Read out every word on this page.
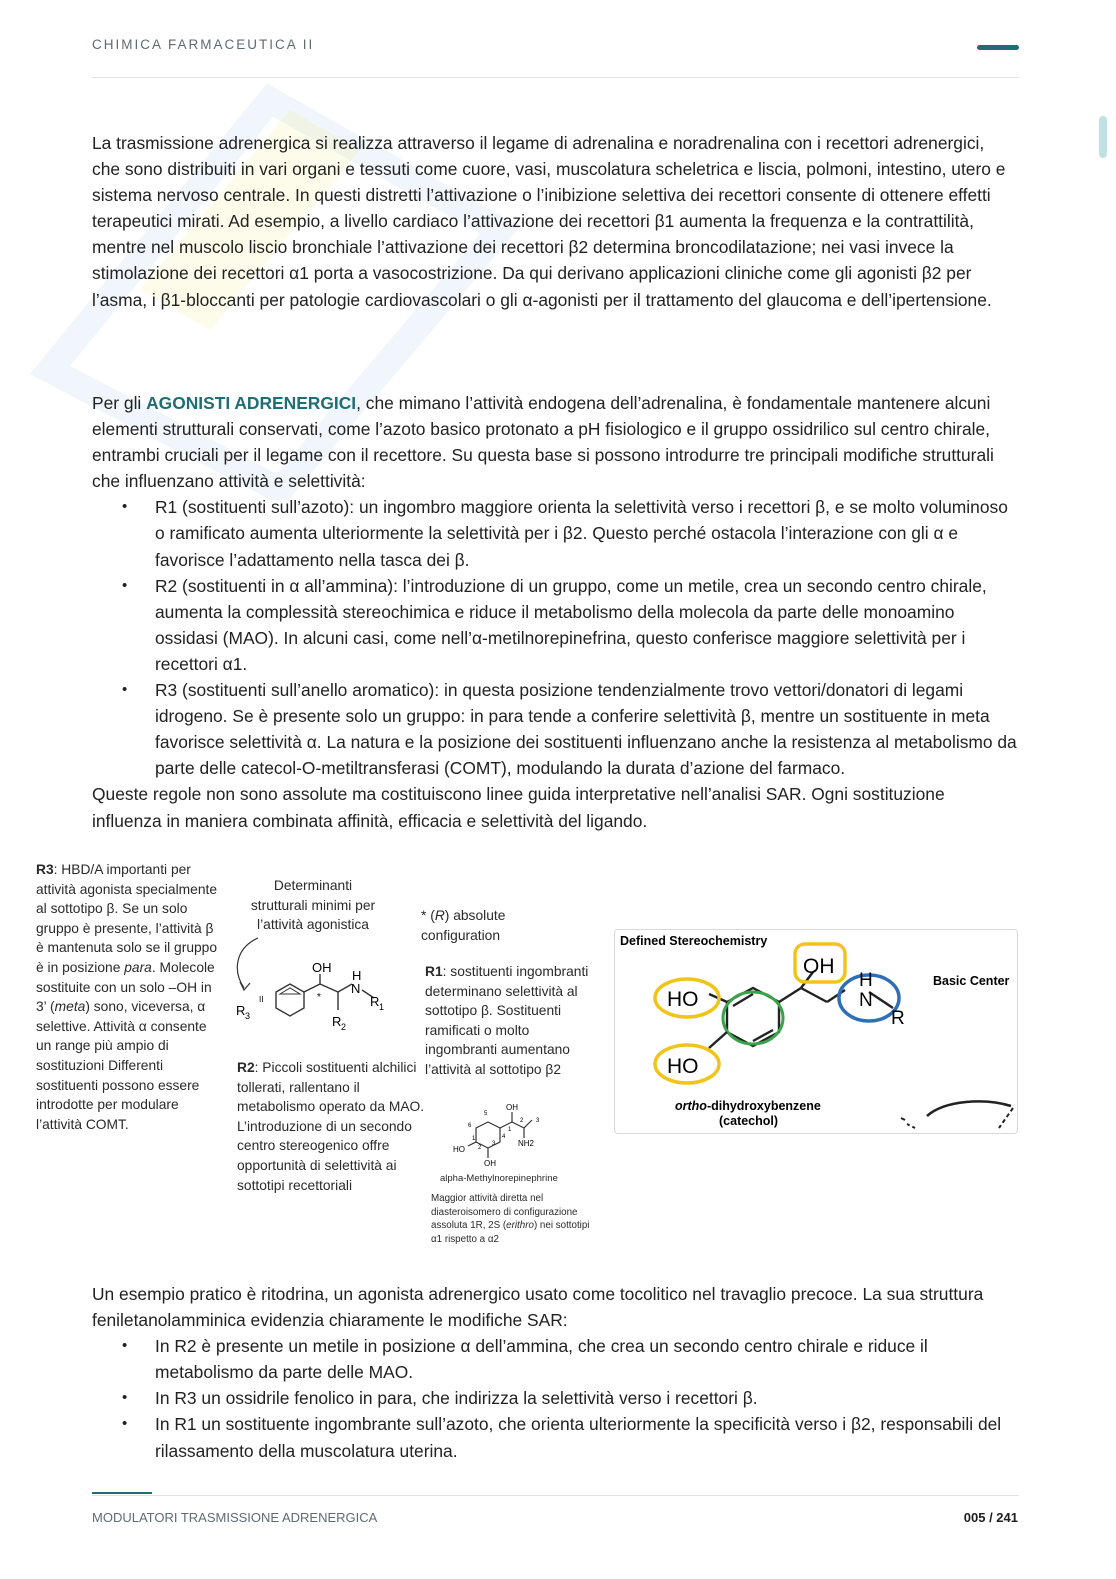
CHIMICA FARMACEUTICA II

La trasmissione adrenergica si realizza attraverso il legame di adrenalina e noradrenalina con i recettori adrenergici, che sono distribuiti in vari organi e tessuti come cuore, vasi, muscolatura scheletrica e liscia, polmoni, intestino, utero e sistema nervoso centrale. In questi distretti l’attivazione o l’inibizione selettiva dei recettori consente di ottenere effetti terapeutici mirati. Ad esempio, a livello cardiaco l’attivazione dei recettori β1 aumenta la frequenza e la contrattilità, mentre nel muscolo liscio bronchiale l’attivazione dei recettori β2 determina broncodilatazione; nei vasi invece la stimolazione dei recettori α1 porta a vasocostrizione. Da qui derivano applicazioni cliniche come gli agonisti β2 per l’asma, i β1-bloccanti per patologie cardiovascolari o gli α-agonisti per il trattamento del glaucoma e dell’ipertensione.

Per gli AGONISTI ADRENERGICI, che mimano l’attività endogena dell’adrenalina, è fondamentale mantenere alcuni elementi strutturali conservati, come l’azoto basico protonato a pH fisiologico e il gruppo ossidrilico sul centro chirale, entrambi cruciali per il legame con il recettore. Su questa base si possono introdurre tre principali modifiche strutturali che influenzano attività e selettività:

• R1 (sostituenti sull’azoto): un ingombro maggiore orienta la selettività verso i recettori β, e se molto voluminoso o ramificato aumenta ulteriormente la selettività per i β2. Questo perché ostacola l’interazione con gli α e favorisce l’adattamento nella tasca dei β.
• R2 (sostituenti in α all’ammina): l’introduzione di un gruppo, come un metile, crea un secondo centro chirale, aumenta la complessità stereochimica e riduce il metabolismo della molecola da parte delle monoamino ossidasi (MAO). In alcuni casi, come nell’α-metilnorepinefrina, questo conferisce maggiore selettività per i recettori α1.
• R3 (sostituenti sull’anello aromatico): in questa posizione tendenzialmente trovo vettori/donatori di legami idrogeno. Se è presente solo un gruppo: in para tende a conferire selettività β, mentre un sostituente in meta favorisce selettività α. La natura e la posizione dei sostituenti influenzano anche la resistenza al metabolismo da parte delle catecol-O-metiltransferasi (COMT), modulando la durata d’azione del farmaco.

Queste regole non sono assolute ma costituiscono linee guida interpretative nell’analisi SAR. Ogni sostituzione influenza in maniera combinata affinità, efficacia e selettività del ligando.

R3: HBD/A importanti per attività agonista specialmente al sottotipo β. Se un solo gruppo è presente, l’attività β è mantenuta solo se il gruppo è in posizione para. Molecole sostituite con un solo –OH in 3’ (meta) sono, viceversa, α selettive. Attività α consente un range più ampio di sostituzioni Differenti sostituenti possono essere introdotte per modulare l’attività COMT.
Determinanti strutturali minimi per l’attività agonistica
OH
*
H
N
R 1
R 2
R 3
II
* (R) absolute configuration
R1: sostituenti ingombranti determinano selettività al sottotipo β. Sostituenti ramificati o molto ingombranti aumentano l’attività al sottotipo β2
R2: Piccoli sostituenti alchilici tollerati, rallentano il metabolismo operato da MAO. L’introduzione di un secondo centro stereogenico offre opportunità di selettività ai sottotipi recettoriali
OH
HO
OH
NH2
5
6
4
3
2
1
1
2 3
alpha-Methylnorepinephrine
Maggior attività diretta nel diasteroisomero di configurazione assoluta 1R, 2S (erithro) nei sottotipi α1 rispetto a α2
Defined Stereochemistry
Basic Center
HO
HO
OH
H
N
R
ortho-dihydroxybenzene
(catechol)

Un esempio pratico è ritodrina, un agonista adrenergico usato come tocolitico nel travaglio precoce. La sua struttura feniletanolamminica evidenzia chiaramente le modifiche SAR:

• In R2 è presente un metile in posizione α dell’ammina, che crea un secondo centro chirale e riduce il metabolismo da parte delle MAO.
• In R3 un ossidrile fenolico in para, che indirizza la selettività verso i recettori β.
• In R1 un sostituente ingombrante sull’azoto, che orienta ulteriormente la specificità verso i β2, responsabili del rilassamento della muscolatura uterina.
MODULATORI TRASMISSIONE ADRENERGICA	005 / 241
